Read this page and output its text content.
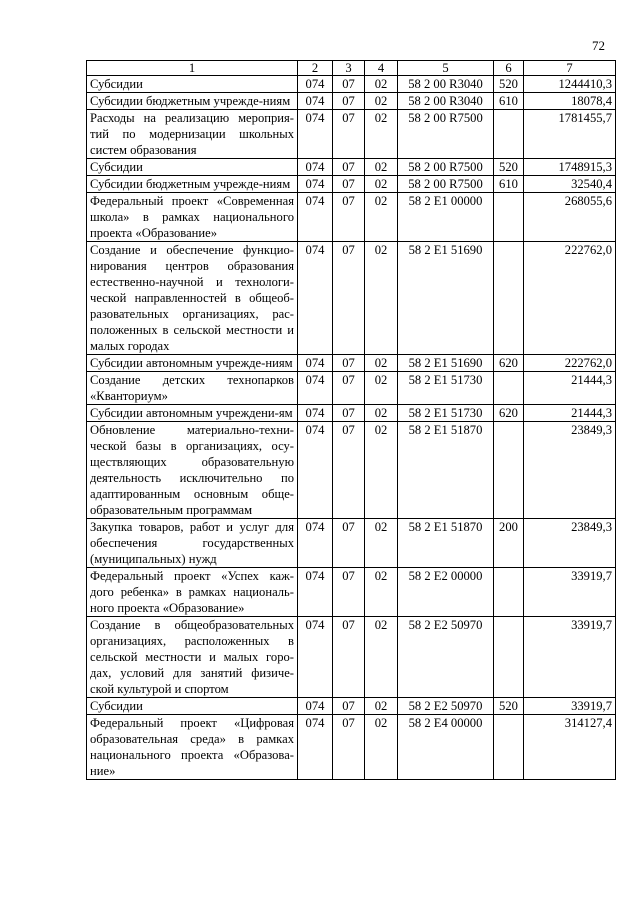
72
1	2	3	4	5	6	7
Субсидии	074	07	02	58 2 00 R3040	520	1244410,3
Субсидии бюджетным учрежде-ниям	074	07	02	58 2 00 R3040	610	18078,4
Расходы на реализацию мероприя-тий по модернизации школьных систем образования	074	07	02	58 2 00 R7500		1781455,7
Субсидии	074	07	02	58 2 00 R7500	520	1748915,3
Субсидии бюджетным учрежде-ниям	074	07	02	58 2 00 R7500	610	32540,4
Федеральный проект «Современная школа» в рамках национального проекта «Образование»	074	07	02	58 2 E1 00000		268055,6
Создание и обеспечение функцио-нирования центров образования естественно-научной и технологи-ческой направленностей в общеоб-разовательных организациях, рас-положенных в сельской местности и малых городах	074	07	02	58 2 E1 51690		222762,0
Субсидии автономным учрежде-ниям	074	07	02	58 2 E1 51690	620	222762,0
Создание детских технопарков «Кванториум»	074	07	02	58 2 E1 51730		21444,3
Субсидии автономным учреждени-ям	074	07	02	58 2 E1 51730	620	21444,3
Обновление материально-техни-ческой базы в организациях, осу-ществляющих образовательную деятельность исключительно по адаптированным основным обще-образовательным программам	074	07	02	58 2 E1 51870		23849,3
Закупка товаров, работ и услуг для обеспечения государственных (муниципальных) нужд	074	07	02	58 2 E1 51870	200	23849,3
Федеральный проект «Успех каж-дого ребенка» в рамках националь-ного проекта «Образование»	074	07	02	58 2 E2 00000		33919,7
Создание в общеобразовательных организациях, расположенных в сельской местности и малых горо-дах, условий для занятий физиче-ской культурой и спортом	074	07	02	58 2 E2 50970		33919,7
Субсидии	074	07	02	58 2 E2 50970	520	33919,7
Федеральный проект «Цифровая образовательная среда» в рамках национального проекта «Образова-ние»	074	07	02	58 2 E4 00000		314127,4
